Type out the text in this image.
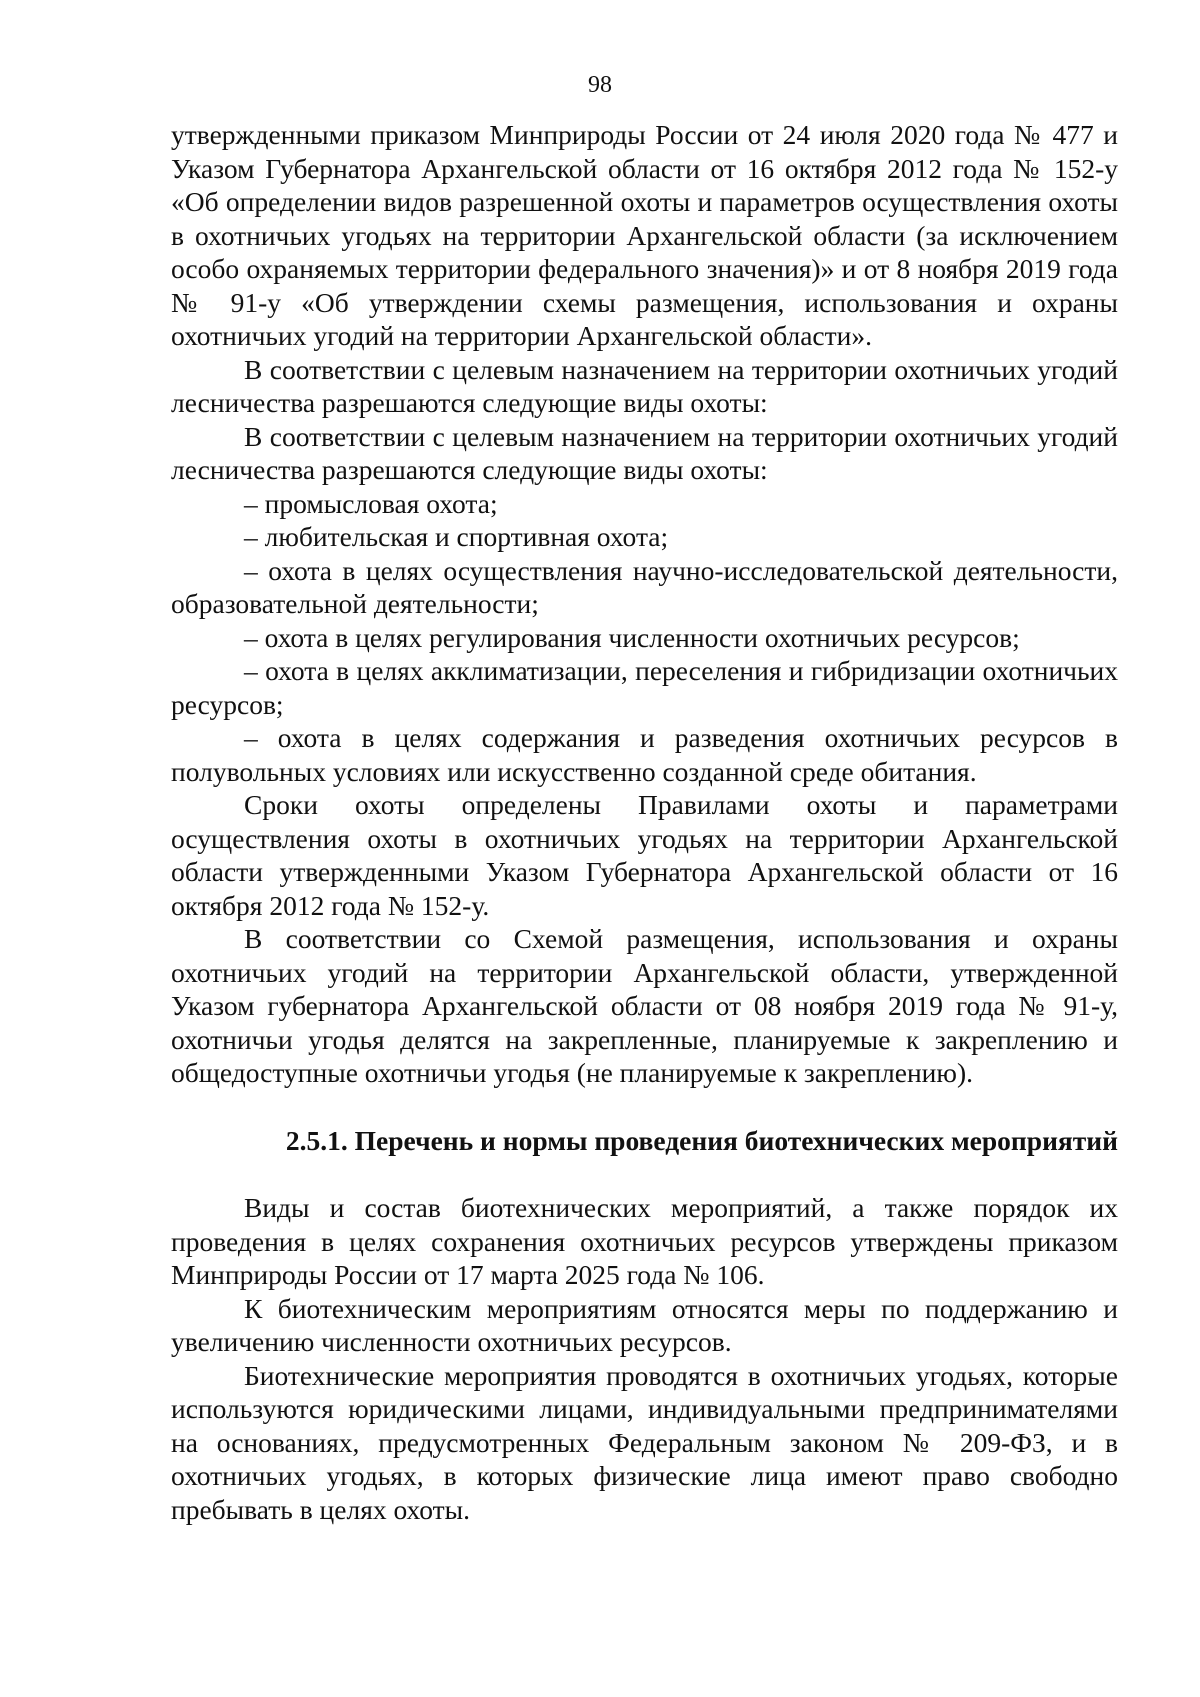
98

утвержденными приказом Минприроды России от 24 июля 2020 года № 477 и Указом Губернатора Архангельской области от 16 октября 2012 года № 152-у «Об определении видов разрешенной охоты и параметров осуществления охоты в охотничьих угодьях на территории Архангельской области (за исключением особо охраняемых территории федерального значения)» и от 8 ноября 2019 года № 91-у «Об утверждении схемы размещения, использования и охраны охотничьих угодий на территории Архангельской области».

В соответствии с целевым назначением на территории охотничьих угодий лесничества разрешаются следующие виды охоты:

В соответствии с целевым назначением на территории охотничьих угодий лесничества разрешаются следующие виды охоты:

– промысловая охота;

– любительская и спортивная охота;

– охота в целях осуществления научно-исследовательской деятельности, образовательной деятельности;

– охота в целях регулирования численности охотничьих ресурсов;

– охота в целях акклиматизации, переселения и гибридизации охотничьих ресурсов;

– охота в целях содержания и разведения охотничьих ресурсов в полувольных условиях или искусственно созданной среде обитания.

Сроки охоты определены Правилами охоты и параметрами осуществления охоты в охотничьих угодьях на территории Архангельской области утвержденными Указом Губернатора Архангельской области от 16 октября 2012 года № 152-у.

В соответствии со Схемой размещения, использования и охраны охотничьих угодий на территории Архангельской области, утвержденной Указом губернатора Архангельской области от 08 ноября 2019 года № 91-у, охотничьи угодья делятся на закрепленные, планируемые к закреплению и общедоступные охотничьи угодья (не планируемые к закреплению).

2.5.1. Перечень и нормы проведения биотехнических мероприятий

Виды и состав биотехнических мероприятий, а также порядок их проведения в целях сохранения охотничьих ресурсов утверждены приказом Минприроды России от 17 марта 2025 года № 106.

К биотехническим мероприятиям относятся меры по поддержанию и увеличению численности охотничьих ресурсов.

Биотехнические мероприятия проводятся в охотничьих угодьях, которые используются юридическими лицами, индивидуальными предпринимателями на основаниях, предусмотренных Федеральным законом № 209-ФЗ, и в охотничьих угодьях, в которых физические лица имеют право свободно пребывать в целях охоты.
